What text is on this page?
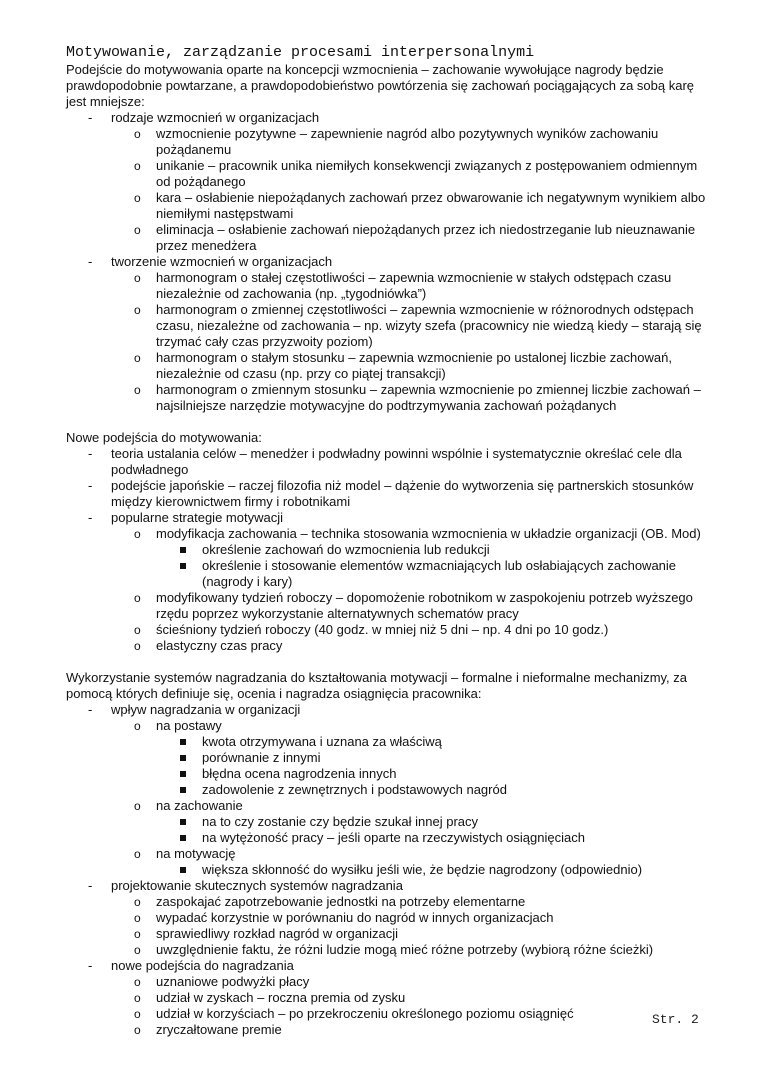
Motywowanie, zarządzanie procesami interpersonalnymi

Podejście do motywowania oparte na koncepcji wzmocnienia – zachowanie wywołujące nagrody będzie prawdopodobnie powtarzane, a prawdopodobieństwo powtórzenia się zachowań pociągających za sobą karę jest mniejsze:

- rodzaje wzmocnień w organizacjach
o wzmocnienie pozytywne – zapewnienie nagród albo pozytywnych wyników zachowaniu pożądanemu
o unikanie – pracownik unika niemiłych konsekwencji związanych z postępowaniem odmiennym od pożądanego
o kara – osłabienie niepożądanych zachowań przez obwarowanie ich negatywnym wynikiem albo niemiłymi następstwami
o eliminacja – osłabienie zachowań niepożądanych przez ich niedostrzeganie lub nieuznawanie przez menedżera
- tworzenie wzmocnień w organizacjach
o harmonogram o stałej częstotliwości – zapewnia wzmocnienie w stałych odstępach czasu niezależnie od zachowania (np. „tygodniówka”)
o harmonogram o zmiennej częstotliwości – zapewnia wzmocnienie w różnorodnych odstępach czasu, niezależne od zachowania – np. wizyty szefa (pracownicy nie wiedzą kiedy – starają się trzymać cały czas przyzwoity poziom)
o harmonogram o stałym stosunku – zapewnia wzmocnienie po ustalonej liczbie zachowań, niezależnie od czasu (np. przy co piątej transakcji)
o harmonogram o zmiennym stosunku – zapewnia wzmocnienie po zmiennej liczbie zachowań – najsilniejsze narzędzie motywacyjne do podtrzymywania zachowań pożądanych

Nowe podejścia do motywowania:

- teoria ustalania celów – menedżer i podwładny powinni wspólnie i systematycznie określać cele dla podwładnego
- podejście japońskie – raczej filozofia niż model – dążenie do wytworzenia się partnerskich stosunków między kierownictwem firmy i robotnikami
- popularne strategie motywacji
o modyfikacja zachowania – technika stosowania wzmocnienia w układzie organizacji (OB. Mod)
określenie zachowań do wzmocnienia lub redukcji
określenie i stosowanie elementów wzmacniających lub osłabiających zachowanie (nagrody i kary)
o modyfikowany tydzień roboczy – dopomożenie robotnikom w zaspokojeniu potrzeb wyższego rzędu poprzez wykorzystanie alternatywnych schematów pracy
o ścieśniony tydzień roboczy (40 godz. w mniej niż 5 dni – np. 4 dni po 10 godz.)
o elastyczny czas pracy

Wykorzystanie systemów nagradzania do kształtowania motywacji – formalne i nieformalne mechanizmy, za pomocą których definiuje się, ocenia i nagradza osiągnięcia pracownika:

- wpływ nagradzania w organizacji
o na postawy
kwota otrzymywana i uznana za właściwą
porównanie z innymi
błędna ocena nagrodzenia innych
zadowolenie z zewnętrznych i podstawowych nagród
o na zachowanie
na to czy zostanie czy będzie szukał innej pracy
na wytężoność pracy – jeśli oparte na rzeczywistych osiągnięciach
o na motywację
większa skłonność do wysiłku jeśli wie, że będzie nagrodzony (odpowiednio)
- projektowanie skutecznych systemów nagradzania
o zaspokajać zapotrzebowanie jednostki na potrzeby elementarne
o wypadać korzystnie w porównaniu do nagród w innych organizacjach
o sprawiedliwy rozkład nagród w organizacji
o uwzględnienie faktu, że różni ludzie mogą mieć różne potrzeby (wybiorą różne ścieżki)
- nowe podejścia do nagradzania
o uznaniowe podwyżki płacy
o udział w zyskach – roczna premia od zysku
o udział w korzyściach – po przekroczeniu określonego poziomu osiągnięć
o zryczałtowane premie
Str. 2
